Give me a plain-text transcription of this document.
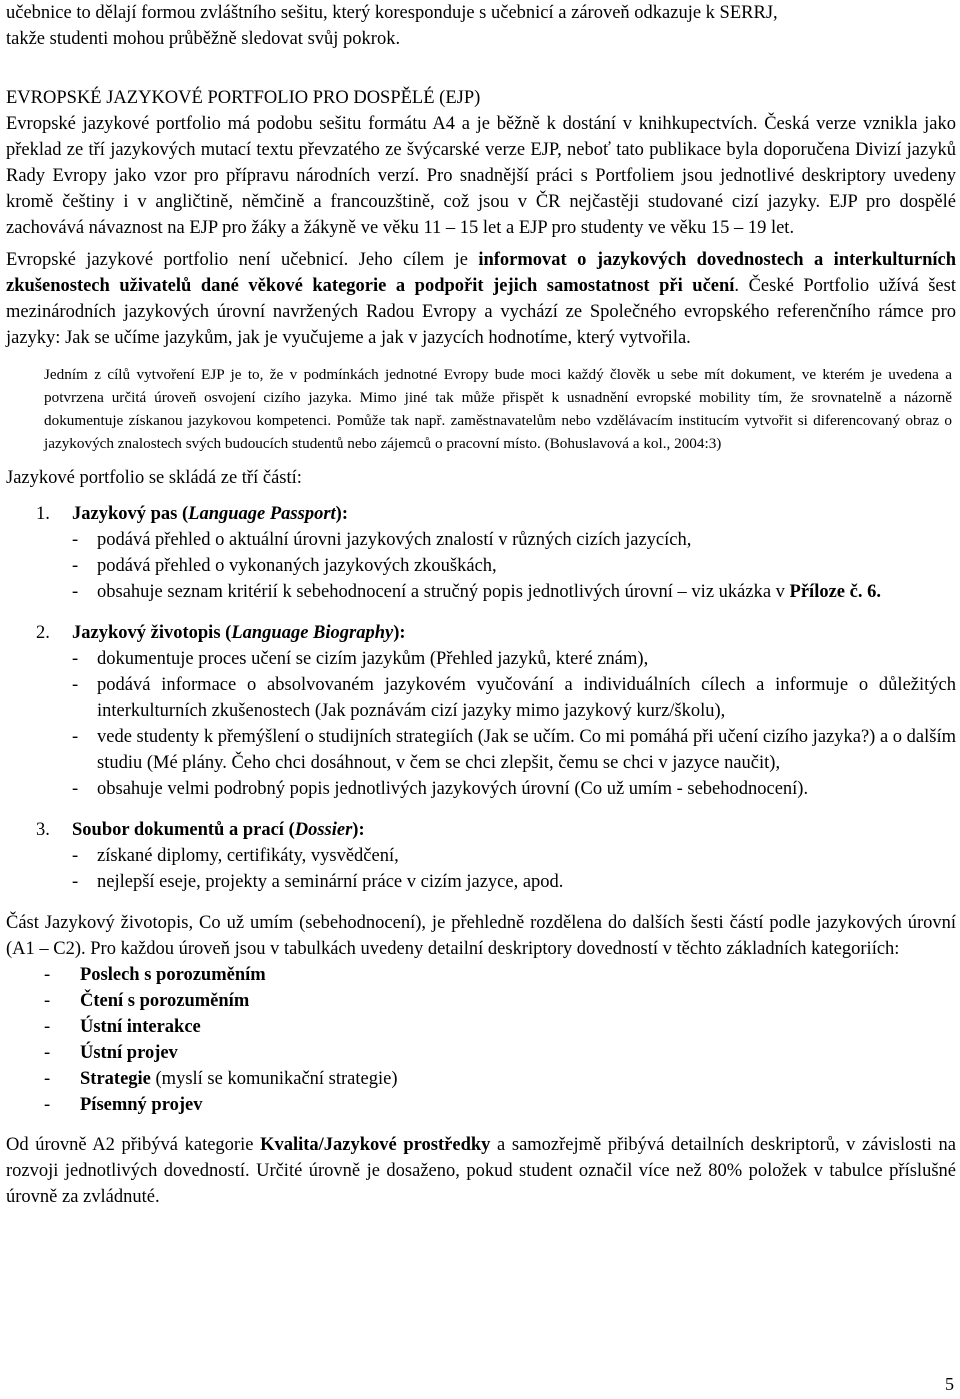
učebnice to dělají formou zvláštního sešitu, který koresponduje s učebnicí a zároveň odkazuje k SERRJ,
takže studenti mohou průběžně sledovat svůj pokrok.

EVROPSKÉ JAZYKOVÉ PORTFOLIO PRO DOSPĚLÉ (EJP)

Evropské jazykové portfolio má podobu sešitu formátu A4 a je běžně k dostání v knihkupectvích. Česká verze vznikla jako překlad ze tří jazykových mutací textu převzatého ze švýcarské verze EJP, neboť tato publikace byla doporučena Divizí jazyků Rady Evropy jako vzor pro přípravu národních verzí. Pro snadnější práci s Portfoliem jsou jednotlivé deskriptory uvedeny kromě češtiny i v angličtině, němčině a francouzštině, což jsou v ČR nejčastěji studované cizí jazyky. EJP pro dospělé zachovává návaznost na EJP pro žáky a žákyně ve věku 11 – 15 let a EJP pro studenty ve věku 15 – 19 let.

Evropské jazykové portfolio není učebnicí. Jeho cílem je informovat o jazykových dovednostech a interkulturních zkušenostech uživatelů dané věkové kategorie a podpořit jejich samostatnost při učení. České Portfolio užívá šest mezinárodních jazykových úrovní navržených Radou Evropy a vychází ze Společného evropského referenčního rámce pro jazyky: Jak se učíme jazykům, jak je vyučujeme a jak v jazycích hodnotíme, který vytvořila.

Jedním z cílů vytvoření EJP je to, že v podmínkách jednotné Evropy bude moci každý člověk u sebe mít dokument, ve kterém je uvedena a potvrzena určitá úroveň osvojení cizího jazyka. Mimo jiné tak může přispět k usnadnění evropské mobility tím, že srovnatelně a názorně dokumentuje získanou jazykovou kompetenci. Pomůže tak např. zaměstnavatelům nebo vzdělávacím institucím vytvořit si diferencovaný obraz o jazykových znalostech svých budoucích studentů nebo zájemců o pracovní místo. (Bohuslavová a kol., 2004:3)

Jazykové portfolio se skládá ze tří částí:

1. Jazykový pas (Language Passport):
- podává přehled o aktuální úrovni jazykových znalostí v různých cizích jazycích,
- podává přehled o vykonaných jazykových zkouškách,
- obsahuje seznam kritérií k sebehodnocení a stručný popis jednotlivých úrovní – viz ukázka v Příloze č. 6.
2. Jazykový životopis (Language Biography):
- dokumentuje proces učení se cizím jazykům (Přehled jazyků, které znám),
- podává informace o absolvovaném jazykovém vyučování a individuálních cílech a informuje o důležitých interkulturních zkušenostech (Jak poznávám cizí jazyky mimo jazykový kurz/školu),
- vede studenty k přemýšlení o studijních strategiích (Jak se učím. Co mi pomáhá při učení cizího jazyka?) a o dalším studiu (Mé plány. Čeho chci dosáhnout, v čem se chci zlepšit, čemu se chci v jazyce naučit),
- obsahuje velmi podrobný popis jednotlivých jazykových úrovní (Co už umím - sebehodnocení).
3. Soubor dokumentů a prací (Dossier):
- získané diplomy, certifikáty, vysvědčení,
- nejlepší eseje, projekty a seminární práce v cizím jazyce, apod.

Část Jazykový životopis, Co už umím (sebehodnocení), je přehledně rozdělena do dalších šesti částí podle jazykových úrovní (A1 – C2). Pro každou úroveň jsou v tabulkách uvedeny detailní deskriptory dovedností v těchto základních kategoriích:

- Poslech s porozuměním
- Čtení s porozuměním
- Ústní interakce
- Ústní projev
- Strategie (myslí se komunikační strategie)
- Písemný projev

Od úrovně A2 přibývá kategorie Kvalita/Jazykové prostředky a samozřejmě přibývá detailních deskriptorů, v závislosti na rozvoji jednotlivých dovedností. Určité úrovně je dosaženo, pokud student označil více než 80% položek v tabulce příslušné úrovně za zvládnuté.

5
